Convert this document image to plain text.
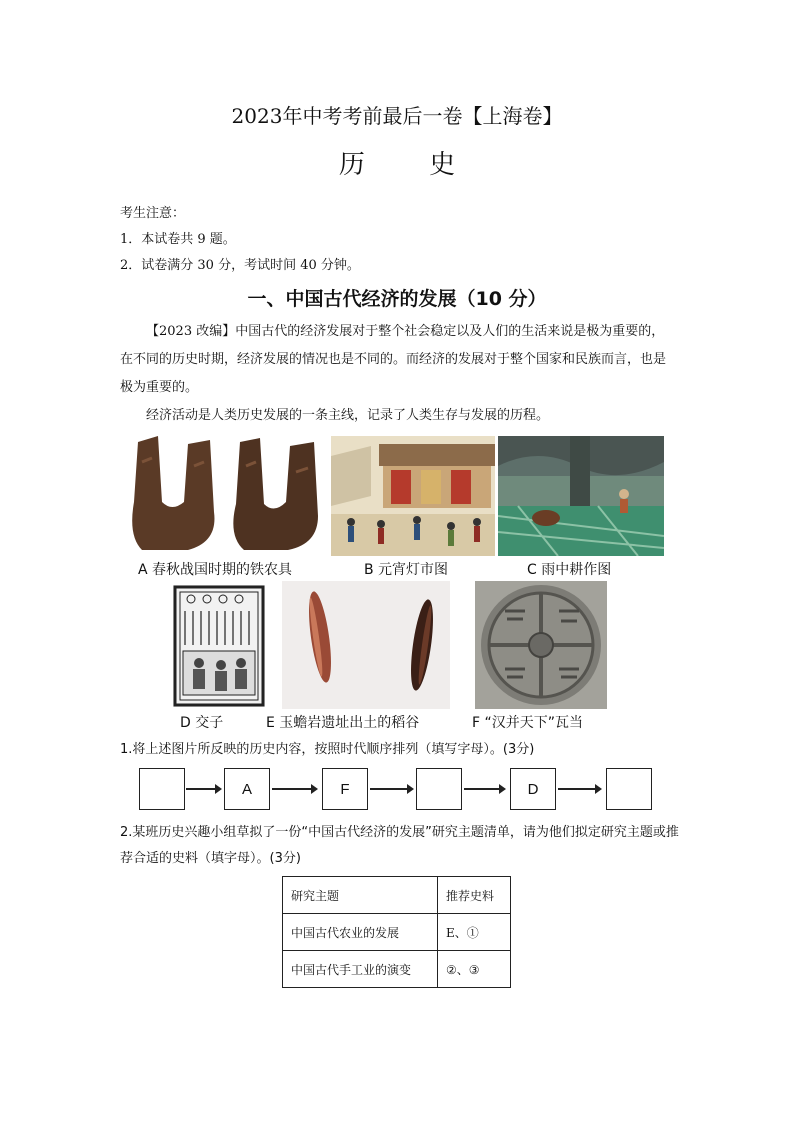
2023年中考考前最后一卷【上海卷】
历 史
考生注意：
1．本试卷共 9 题。
2．试卷满分 30 分，考试时间 40 分钟。
一、中国古代经济的发展（10 分）

【2023 改编】中国古代的经济发展对于整个社会稳定以及人们的生活来说是极为重要的，在不同的历史时期，经济发展的情况也是不同的。而经济的发展对于整个国家和民族而言，也是极为重要的。

经济活动是人类历史发展的一条主线，记录了人类生存与发展的历程。

A 春秋战国时期的铁农具	B 元宵灯市图	C 雨中耕作图
D 交子	E 玉蟾岩遗址出土的稻谷	F “汉并天下”瓦当
1.将上述图片所反映的历史内容，按照时代顺序排列（填写字母）。(3分)
A	F	D
2.某班历史兴趣小组草拟了一份“中国古代经济的发展”研究主题清单，请为他们拟定研究主题或推荐合适的史料（填字母）。(3分)
研究主题	推荐史料
中国古代农业的发展	E、①
中国古代手工业的演变	②、③
